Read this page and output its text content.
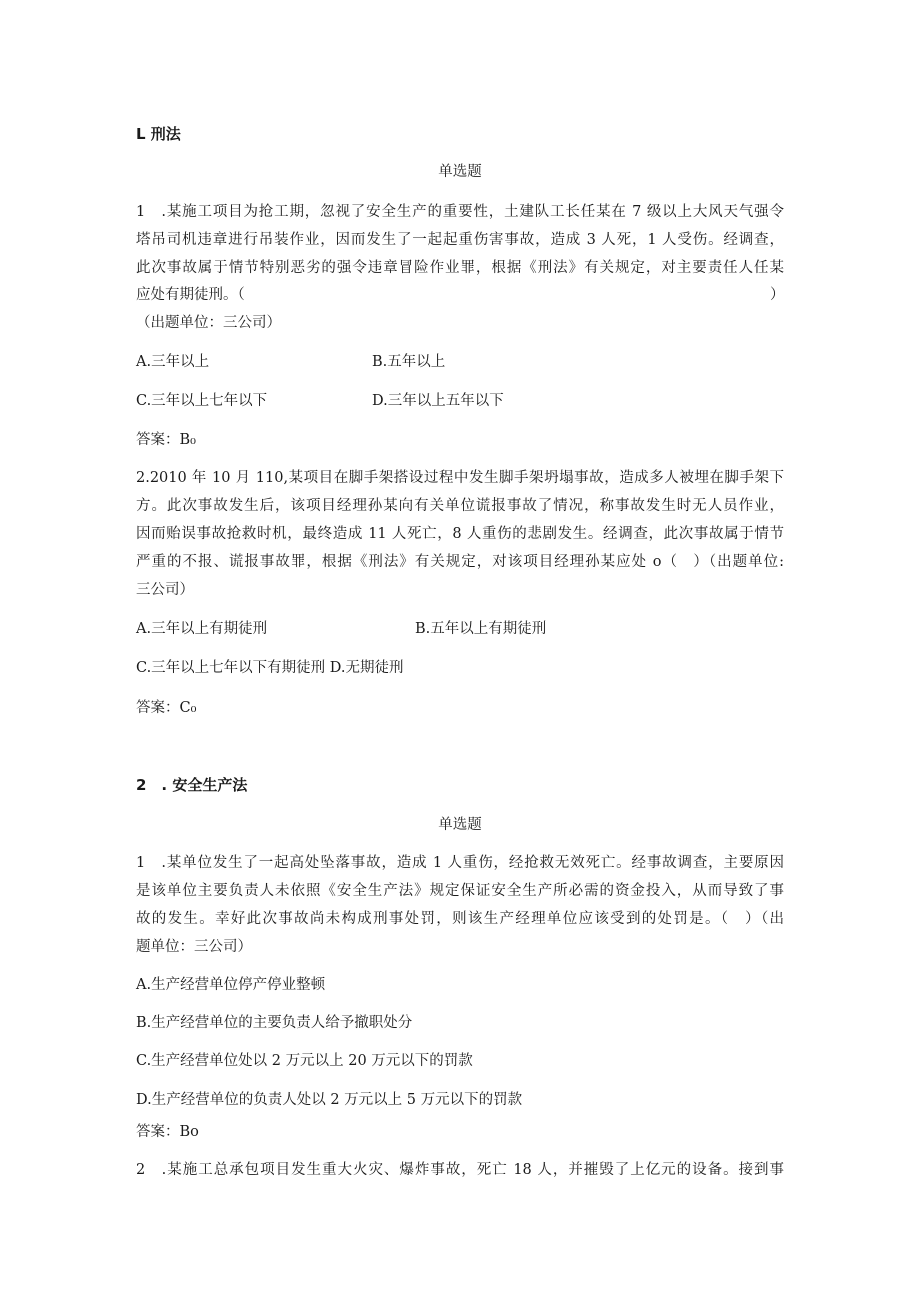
L 刑法
单选题
1　.某施工项目为抢工期，忽视了安全生产的重要性，土建队工长任某在 7 级以上大风天气强令
塔吊司机违章进行吊装作业，因而发生了一起起重伤害事故，造成 3 人死，1 人受伤。经调查，
此次事故属于情节特别恶劣的强令违章冒险作业罪，根据《刑法》有关规定，对主要责任人任某
应处有期徒刑。（	）
（出题单位：三公司）
A.三年以上	B.五年以上
C.三年以上七年以下	D.三年以上五年以下
答案：B₀
2.2010 年 10 月 110,某项目在脚手架搭设过程中发生脚手架坍塌事故，造成多人被埋在脚手架下
方。此次事故发生后，该项目经理孙某向有关单位谎报事故了情况，称事故发生时无人员作业，
因而贻误事故抢救时机，最终造成 11 人死亡，8 人重伤的悲剧发生。经调查，此次事故属于情节
严重的不报、谎报事故罪，根据《刑法》有关规定，对该项目经理孙某应处 o（　）（出题单位:
三公司）
A.三年以上有期徒刑	B.五年以上有期徒刑
C.三年以上七年以下有期徒刑 D.无期徒刑
答案：C₀
2　. 安全生产法
单选题
1　.某单位发生了一起高处坠落事故，造成 1 人重伤，经抢救无效死亡。经事故调查，主要原因
是该单位主要负责人未依照《安全生产法》规定保证安全生产所必需的资金投入，从而导致了事
故的发生。幸好此次事故尚未构成刑事处罚，则该生产经理单位应该受到的处罚是。（　）（出
题单位：三公司）
A.生产经营单位停产停业整顿
B.生产经营单位的主要负责人给予撤职处分
C.生产经营单位处以 2 万元以上 20 万元以下的罚款
D.生产经营单位的负责人处以 2 万元以上 5 万元以下的罚款
答案：Bo
2　.某施工总承包项目发生重大火灾、爆炸事故，死亡 18 人，并摧毁了上亿元的设备。接到事
